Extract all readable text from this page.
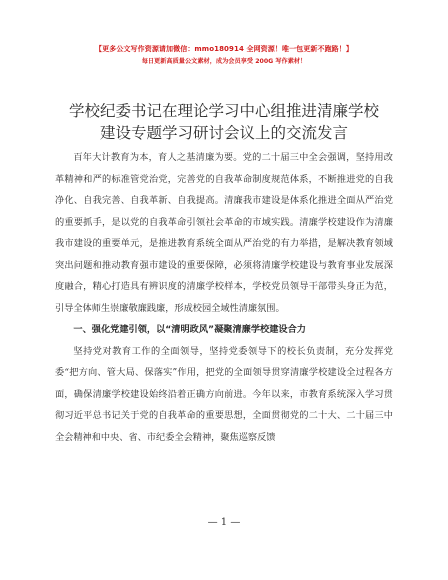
【更多公文写作资源请加微信：mmo180914 全网资源！唯一包更新不跑路！】
每日更新高质量公文素材，成为会员享受 200G 写作素材！
学校纪委书记在理论学习中心组推进清廉学校
建设专题学习研讨会议上的交流发言

百年大计教育为本，育人之基清廉为要。党的二十届三中全会强调，坚持用改革精神和严的标准管党治党，完善党的自我革命制度规范体系，不断推进党的自我净化、自我完善、自我革新、自我提高。清廉我市建设是体系化推进全面从严治党的重要抓手，是以党的自我革命引领社会革命的市域实践。清廉学校建设作为清廉我市建设的重要单元，是推进教育系统全面从严治党的有力举措，是解决教育领域突出问题和推动教育强市建设的重要保障，必须将清廉学校建设与教育事业发展深度融合，精心打造具有辨识度的清廉学校样本，学校党员领导干部带头身正为范，引导全体师生崇廉敬廉践廉，形成校园全域性清廉氛围。

一、强化党建引领，以“清明政风”凝聚清廉学校建设合力

坚持党对教育工作的全面领导，坚持党委领导下的校长负责制，充分发挥党委“把方向、管大局、保落实”作用，把党的全面领导贯穿清廉学校建设全过程各方面，确保清廉学校建设始终沿着正确方向前进。今年以来，市教育系统深入学习贯彻习近平总书记关于党的自我革命的重要思想，全面贯彻党的二十大、二十届三中全会精神和中央、省、市纪委全会精神，聚焦巡察反馈

— 1 —
